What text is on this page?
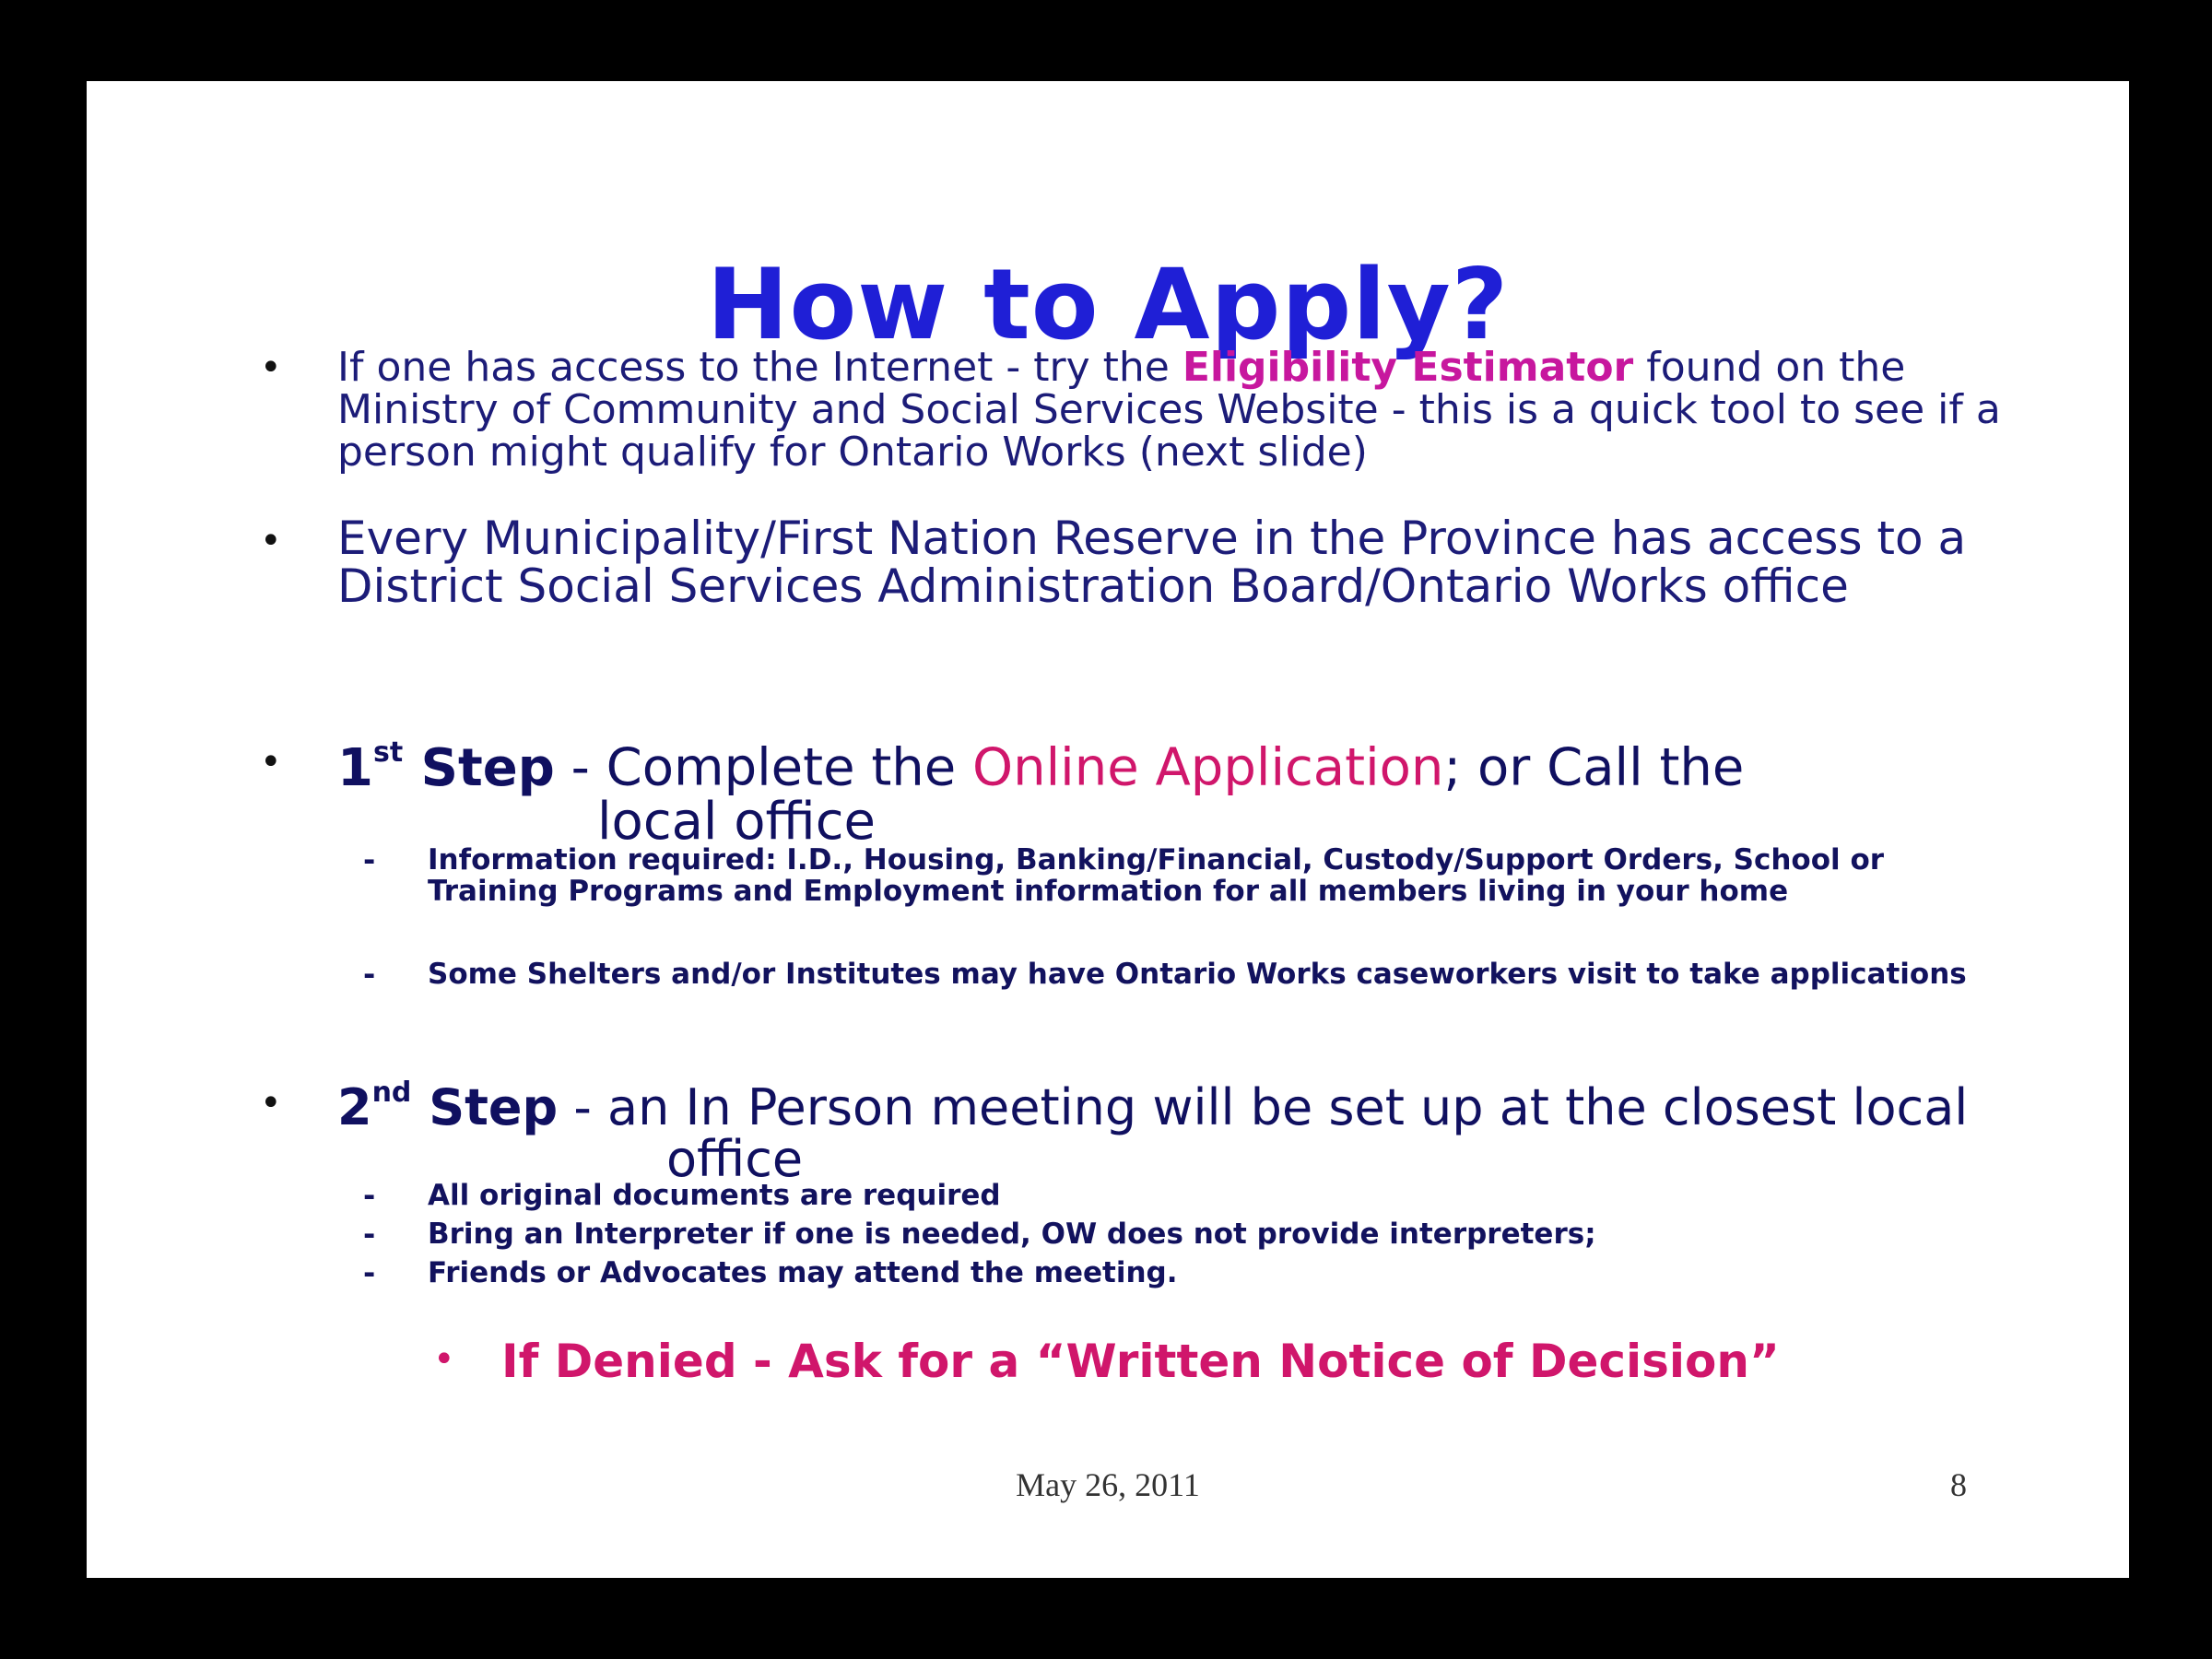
How to Apply?
• If one has access to the Internet - try the Eligibility Estimator found on the Ministry of Community and Social Services Website - this is a quick tool to see if a person might qualify for Ontario Works (next slide)
• Every Municipality/First Nation Reserve in the Province has access to a District Social Services Administration Board/Ontario Works office
• 1st Step - Complete the Online Application; or Call the
local office
- Information required: I.D., Housing, Banking/Financial, Custody/Support Orders, School or Training Programs and Employment information for all members living in your home
- Some Shelters and/or Institutes may have Ontario Works caseworkers visit to take applications
• 2nd Step - an In Person meeting will be set up at the closest local
office
- All original documents are required
- Bring an Interpreter if one is needed, OW does not provide interpreters;
- Friends or Advocates may attend the meeting.
• If Denied - Ask for a “Written Notice of Decision”
May 26, 2011	8
